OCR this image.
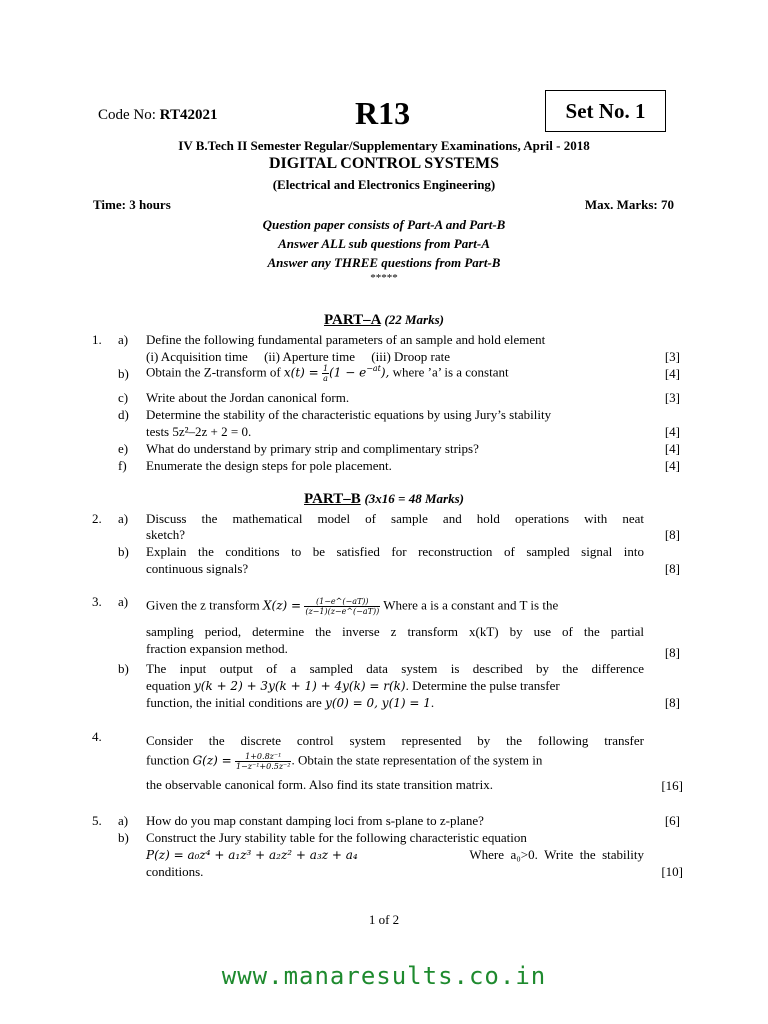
Code No: RT42021	R13	Set No. 1
IV B.Tech II Semester Regular/Supplementary Examinations, April - 2018
DIGITAL CONTROL SYSTEMS
(Electrical and Electronics Engineering)
Time: 3 hours	Max. Marks: 70
Question paper consists of Part-A and Part-B
Answer ALL sub questions from Part-A
Answer any THREE questions from Part-B
*****
PART–A (22 Marks)
1. a) Define the following fundamental parameters of an sample and hold element
(i) Acquisition time     (ii) Aperture time     (iii) Droop rate	[3]
b) Obtain the Z-transform of $x(t) = \frac{1}{a} (1 - e^{-at})$, where ’a’ is a constant	[4]
c) Write about the Jordan canonical form.	[3]
d) Determine the stability of the characteristic equations by using Jury’s stability
tests 5z²–2z + 2 = 0.	[4]
e) What do understand by primary strip and complimentary strips?	[4]
f) Enumerate the design steps for pole placement.	[4]
PART–B (3x16 = 48 Marks)
2. a) Discuss the mathematical model of sample and hold operations with neat
sketch?	[8]
b) Explain the conditions to be satisfied for reconstruction of sampled signal into
continuous signals?	[8]
3. a) Given the z transform $X(z) = \frac{(1-e\^{}(-aT))}{(z-1)(z-e\^{}(-aT))}$ Where a is a constant and T is the
sampling period, determine the inverse z transform x(kT) by use of the partial
fraction expansion method.	[8]
b) The input output of a sampled data system is described by the difference
equation y(k + 2) + 3y(k + 1) + 4y(k) = r(k). Determine the pulse transfer
function, the initial conditions are y(0) = 0, y(1) = 1.	[8]
4.	Consider the discrete control system represented by the following transfer
function $G(z) = \frac{\text{1+0.8z⁻¹}}{\text{1−z⁻¹+0.5z⁻²}}$ . Obtain the state representation of the system in
the observable canonical form. Also find its state transition matrix.	[16]
5. a) How do you map constant damping loci from s-plane to z-plane?	[6]
b) Construct the Jury stability table for the following characteristic equation
P(z) = a₀z⁴ + a₁z³ + a₂z² + a₃z + a₄	Where  a₀>0.  Write  the  stability
conditions.	[10]
1 of 2
www.manaresults.co.in
